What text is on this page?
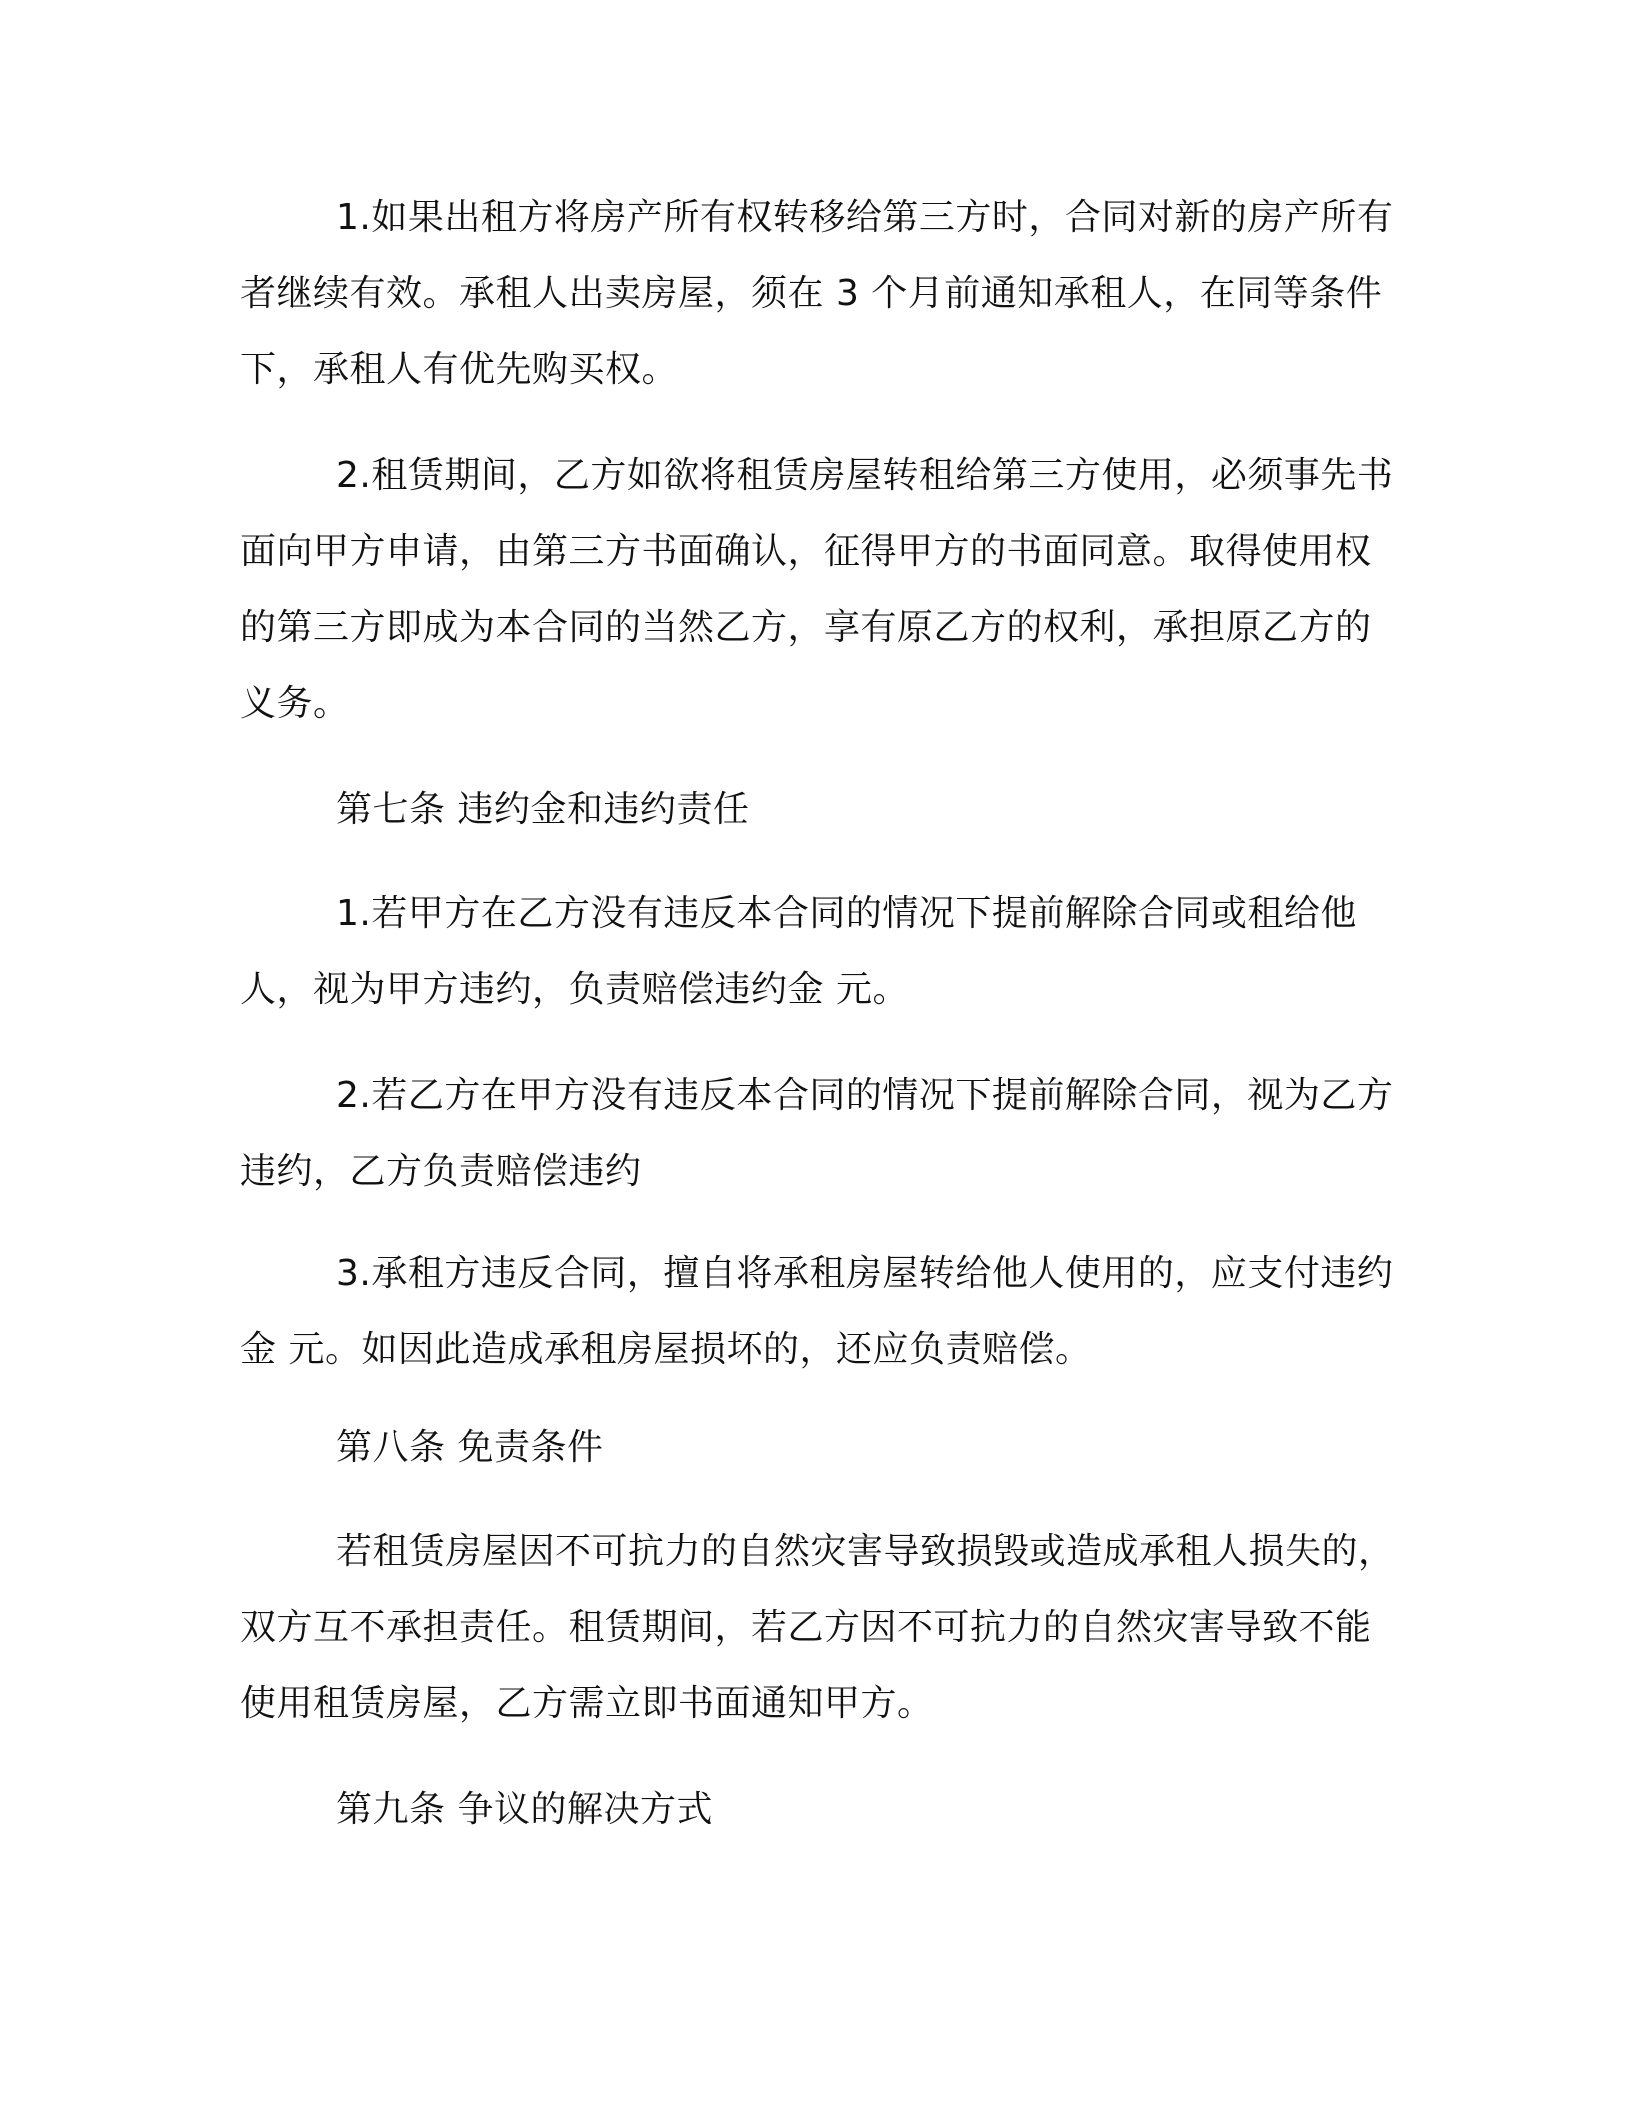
1.如果出租方将房产所有权转移给第三方时，合同对新的房产所有者继续有效。承租人出卖房屋，须在 3 个月前通知承租人，在同等条件下，承租人有优先购买权。

2.租赁期间，乙方如欲将租赁房屋转租给第三方使用，必须事先书面向甲方申请，由第三方书面确认，征得甲方的书面同意。取得使用权的第三方即成为本合同的当然乙方，享有原乙方的权利，承担原乙方的义务。

第七条 违约金和违约责任

1.若甲方在乙方没有违反本合同的情况下提前解除合同或租给他人，视为甲方违约，负责赔偿违约金 元。

2.若乙方在甲方没有违反本合同的情况下提前解除合同，视为乙方违约，乙方负责赔偿违约

3.承租方违反合同，擅自将承租房屋转给他人使用的，应支付违约金 元。如因此造成承租房屋损坏的，还应负责赔偿。

第八条 免责条件

若租赁房屋因不可抗力的自然灾害导致损毁或造成承租人损失的，双方互不承担责任。租赁期间，若乙方因不可抗力的自然灾害导致不能使用租赁房屋，乙方需立即书面通知甲方。

第九条 争议的解决方式
